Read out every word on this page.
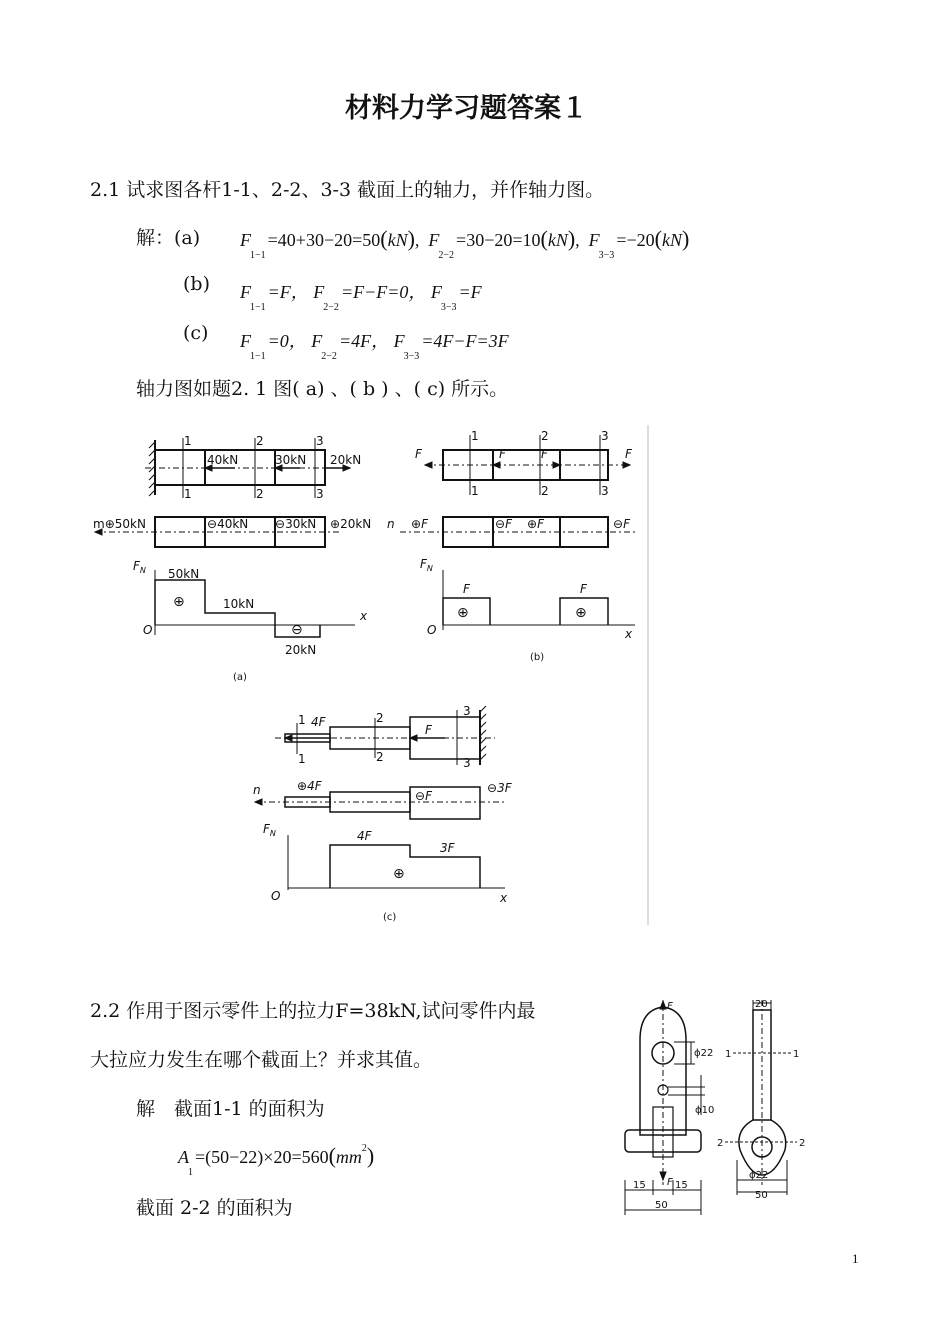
材料力学习题答案１
2.1 试求图各杆1-1、2-2、3-3 截面上的轴力，并作轴力图。
解：(a) $F_{1-1}=40+30-20=50(kN)$,  $F_{2-2}=30-20=10(kN)$,  $F_{3-3}=-20(kN)$
(b) $F_{1-1}=F$， $F_{2-2}=F-F=0$， $F_{3-3}=F$
(c) $F_{1-1}=0$， $F_{2-2}=4F$， $F_{3-3}=4F-F=3F$
轴力图如题2. 1 图( a) 、( b ) 、( c) 所示。
1	2	3
1	2	3
40kN	30kN 20kN
m⊕50kN	⊖40kN ⊖30kN ⊕20kN
$F_N$ 50kN
10kN
20kN
⊕
⊖
O
x
(a)
F	F	F	F
1	2	3
1	2	3
n ⊕F	⊖F ⊕F	⊖F
$F_N$
F	F
⊕	⊕
O	x
(b)
1	2	3
1	2	3
4F
F
n	⊕4F
⊖F
⊖3F
$F_N$	4F
3F
⊕
O	x
(c)
2.2 作用于图示零件上的拉力F=38kN,试问零件内最
大拉应力发生在哪个截面上？并求其值。
解　截面1-1 的面积为
$A_1=(50-22)\times 20=560(mm^2)$
截面 2-2 的面积为
F
F
ϕ22
ϕ10
15	15
50
20
1	1
2	2
ϕ22
50
1
